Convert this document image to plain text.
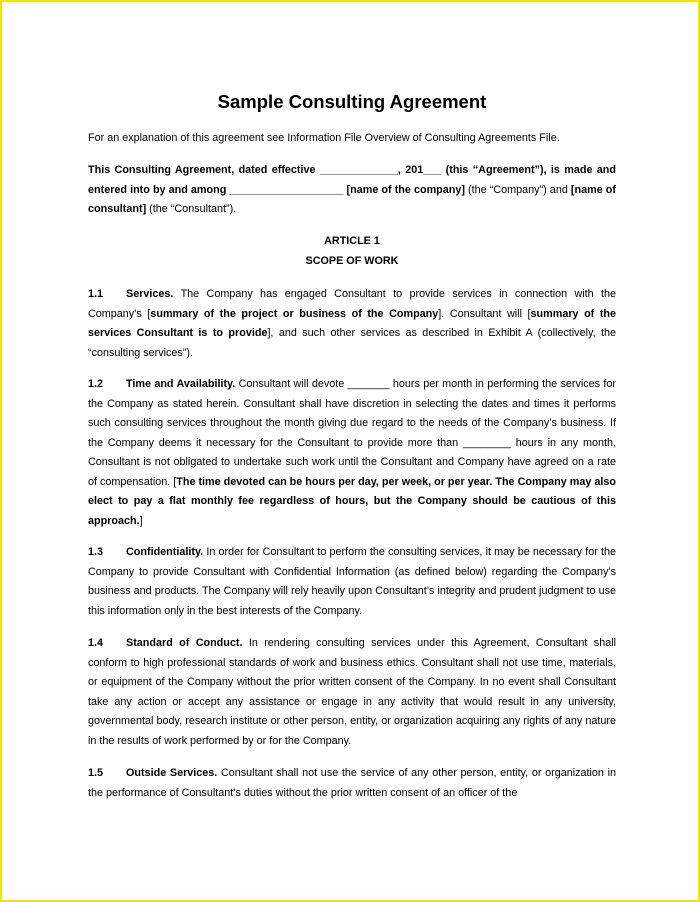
Sample Consulting Agreement
For an explanation of this agreement see Information File Overview of Consulting Agreements File.
This Consulting Agreement, dated effective _____________, 201___ (this “Agreement”), is made and entered into by and among ___________________ [name of the company] (the “Company”) and [name of consultant] (the “Consultant”).
ARTICLE 1
SCOPE OF WORK
1.1 Services. The Company has engaged Consultant to provide services in connection with the Company’s [summary of the project or business of the Company]. Consultant will [summary of the services Consultant is to provide], and such other services as described in Exhibit A (collectively, the “consulting services”).
1.2 Time and Availability. Consultant will devote _______ hours per month in performing the services for the Company as stated herein. Consultant shall have discretion in selecting the dates and times it performs such consulting services throughout the month giving due regard to the needs of the Company’s business. If the Company deems it necessary for the Consultant to provide more than ________ hours in any month, Consultant is not obligated to undertake such work until the Consultant and Company have agreed on a rate of compensation. [The time devoted can be hours per day, per week, or per year. The Company may also elect to pay a flat monthly fee regardless of hours, but the Company should be cautious of this approach.]
1.3 Confidentiality. In order for Consultant to perform the consulting services, it may be necessary for the Company to provide Consultant with Confidential Information (as defined below) regarding the Company’s business and products. The Company will rely heavily upon Consultant’s integrity and prudent judgment to use this information only in the best interests of the Company.
1.4 Standard of Conduct. In rendering consulting services under this Agreement, Consultant shall conform to high professional standards of work and business ethics. Consultant shall not use time, materials, or equipment of the Company without the prior written consent of the Company. In no event shall Consultant take any action or accept any assistance or engage in any activity that would result in any university, governmental body, research institute or other person, entity, or organization acquiring any rights of any nature in the results of work performed by or for the Company.
1.5 Outside Services. Consultant shall not use the service of any other person, entity, or organization in the performance of Consultant’s duties without the prior written consent of an officer of the
